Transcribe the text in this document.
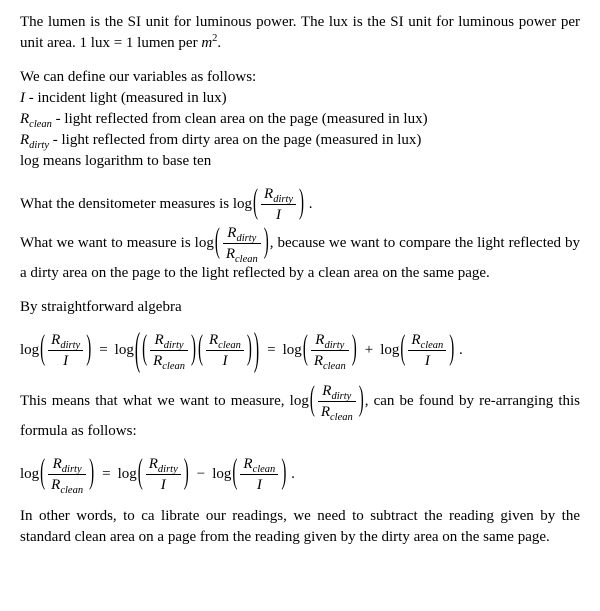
The lumen is the SI unit for luminous power. The lux is the SI unit for luminous power per unit area. 1 lux = 1 lumen per $m^2$.

We can define our variables as follows:
I - incident light (measured in lux)
$R_{clean}$ - light reflected from clean area on the page (measured in lux)
$R_{dirty}$ - light reflected from dirty area on the page (measured in lux)
log means logarithm to base ten
What the densitometer measures is log( $R_{dirty}$
I	) .
What we want to measure is log( $R_{dirty}$
$R_{clean}$ ), because we want to compare the light reflected by a dirty area on the page to the light reflected by a clean area on the same page.

By straightforward algebra

log( $R_{dirty}$
I	) = log( ( $R_{dirty}$
$R_{clean}$ ) ( $R_{clean}$
I	) ) = log( $R_{dirty}$
$R_{clean}$ ) + log( $R_{clean}$
I	) .
This means that what we want to measure, log( $R_{dirty}$
$R_{clean}$ ), can be found by re-arranging this formula as follows:
log( $R_{dirty}$
$R_{clean}$ ) = log( $R_{dirty}$
I	) − log( $R_{clean}$
I	) .

In other words, to ca librate our readings, we need to subtract the reading given by the standard clean area on a page from the reading given by the dirty area on the same page.
